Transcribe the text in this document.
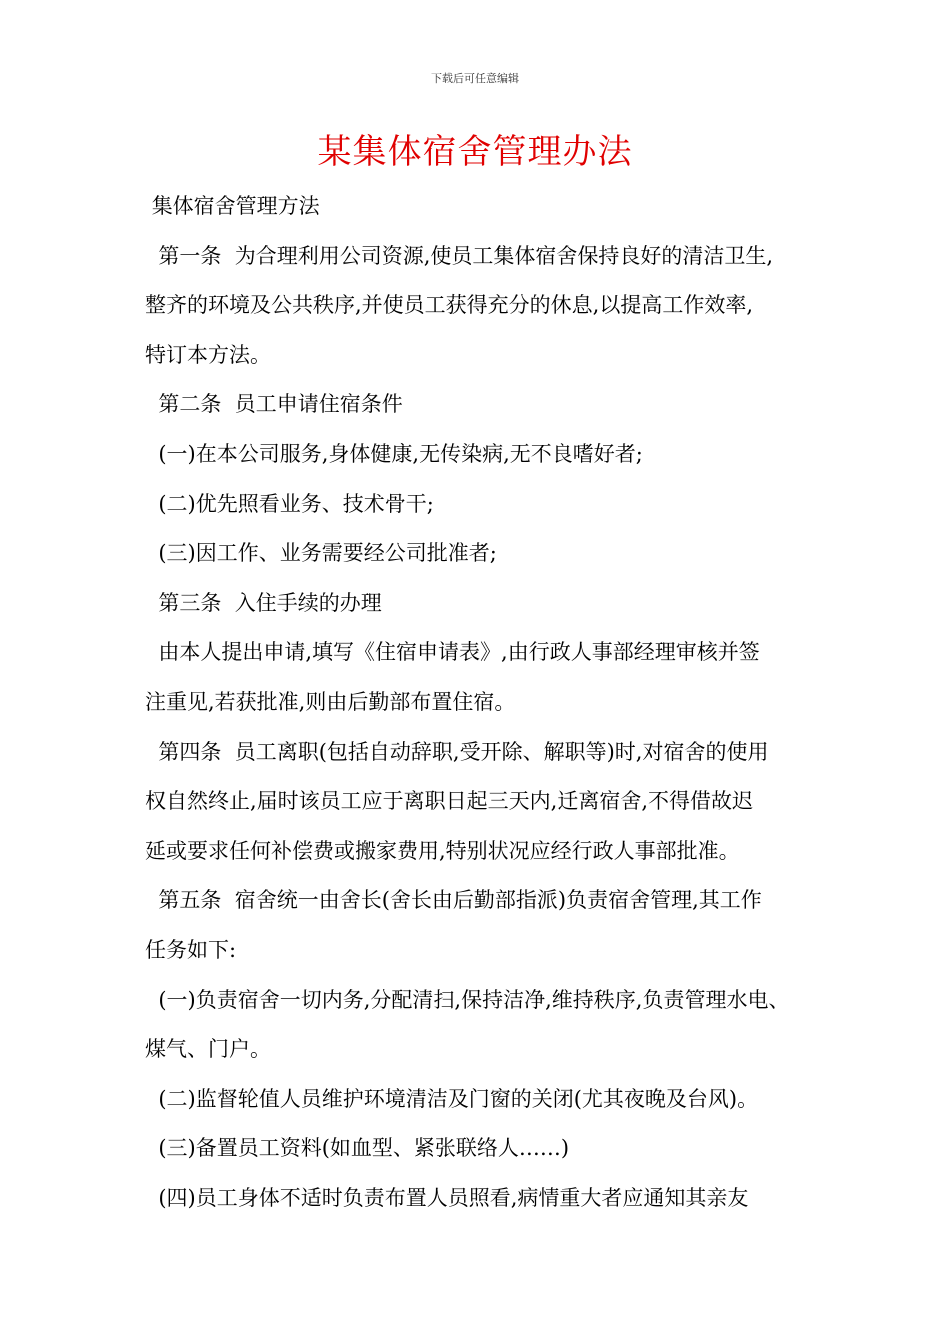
下载后可任意编辑
某集体宿舍管理办法

集体宿舍管理方法

第一条  为合理利用公司资源,使员工集体宿舍保持良好的清洁卫生,

整齐的环境及公共秩序,并使员工获得充分的休息,以提高工作效率,

特订本方法。

第二条  员工申请住宿条件

(一)在本公司服务,身体健康,无传染病,无不良嗜好者;

(二)优先照看业务、技术骨干;

(三)因工作、业务需要经公司批准者;

第三条  入住手续的办理

由本人提出申请,填写《住宿申请表》,由行政人事部经理审核并签

注重见,若获批准,则由后勤部布置住宿。

第四条  员工离职(包括自动辞职,受开除、解职等)时,对宿舍的使用

权自然终止,届时该员工应于离职日起三天内,迁离宿舍,不得借故迟

延或要求任何补偿费或搬家费用,特别状况应经行政人事部批准。

第五条  宿舍统一由舍长(舍长由后勤部指派)负责宿舍管理,其工作

任务如下:

(一)负责宿舍一切内务,分配清扫,保持洁净,维持秩序,负责管理水电、

煤气、门户。

(二)监督轮值人员维护环境清洁及门窗的关闭(尤其夜晚及台风)。

(三)备置员工资料(如血型、紧张联络人……)

(四)员工身体不适时负责布置人员照看,病情重大者应通知其亲友
